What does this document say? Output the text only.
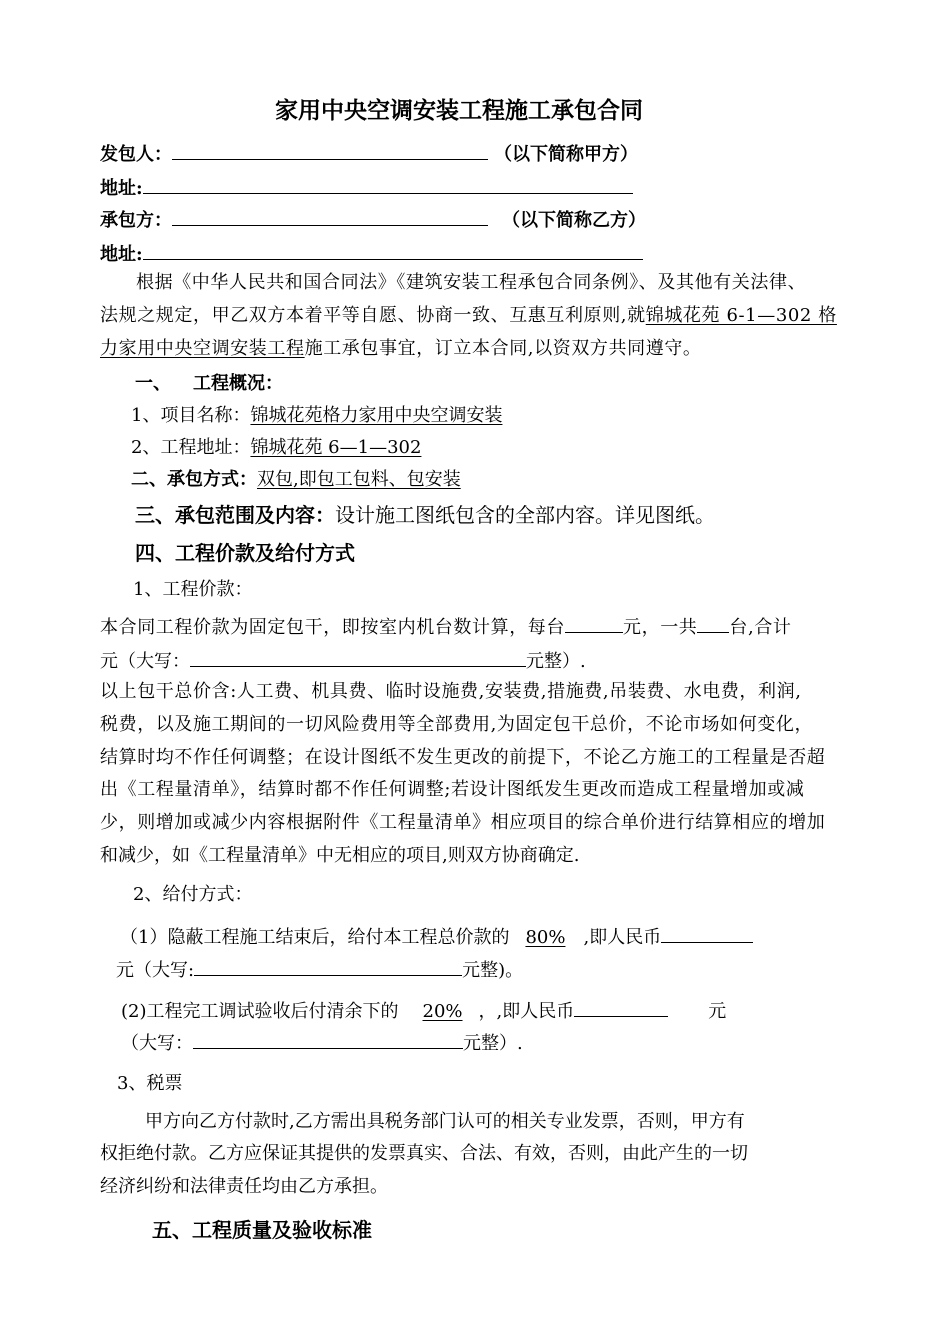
家用中央空调安装工程施工承包合同
发包人：	（以下简称甲方）
地址:
承包方：	（以下简称乙方）
地址:
根据《中华人民共和国合同法》《建筑安装工程承包合同条例》、及其他有关法律、
法规之规定，甲乙双方本着平等自愿、协商一致、互惠互利原则,就锦城花苑 6-1—302 格
力家用中央空调安装工程施工承包事宜，订立本合同,以资双方共同遵守。
一、 工程概况：
1、项目名称：锦城花苑格力家用中央空调安装
2、工程地址：锦城花苑 6—1—302
二、承包方式：双包,即包工包料、包安装
三、承包范围及内容：设计施工图纸包含的全部内容。详见图纸。
四、工程价款及给付方式
1、工程价款：
本合同工程价款为固定包干，即按室内机台数计算，每台	元，一共 台,合计
元（大写：	元整）.
以上包干总价含:人工费、机具费、临时设施费,安装费,措施费,吊装费、水电费，利润,
税费，以及施工期间的一切风险费用等全部费用,为固定包干总价，不论市场如何变化，
结算时均不作任何调整；在设计图纸不发生更改的前提下，不论乙方施工的工程量是否超
出《工程量清单》，结算时都不作任何调整;若设计图纸发生更改而造成工程量增加或减
少，则增加或减少内容根据附件《工程量清单》相应项目的综合单价进行结算相应的增加
和减少，如《工程量清单》中无相应的项目,则双方协商确定.
2、给付方式：
（1）隐蔽工程施工结束后，给付本工程总价款的 80% ,即人民币
元（大写:	元整)。
(2)工程完工调试验收后付清余下的 20% ，,即人民币	元
（大写：	元整）.
3、税票
甲方向乙方付款时,乙方需出具税务部门认可的相关专业发票，否则，甲方有
权拒绝付款。乙方应保证其提供的发票真实、合法、有效，否则，由此产生的一切
经济纠纷和法律责任均由乙方承担。
五、工程质量及验收标准
